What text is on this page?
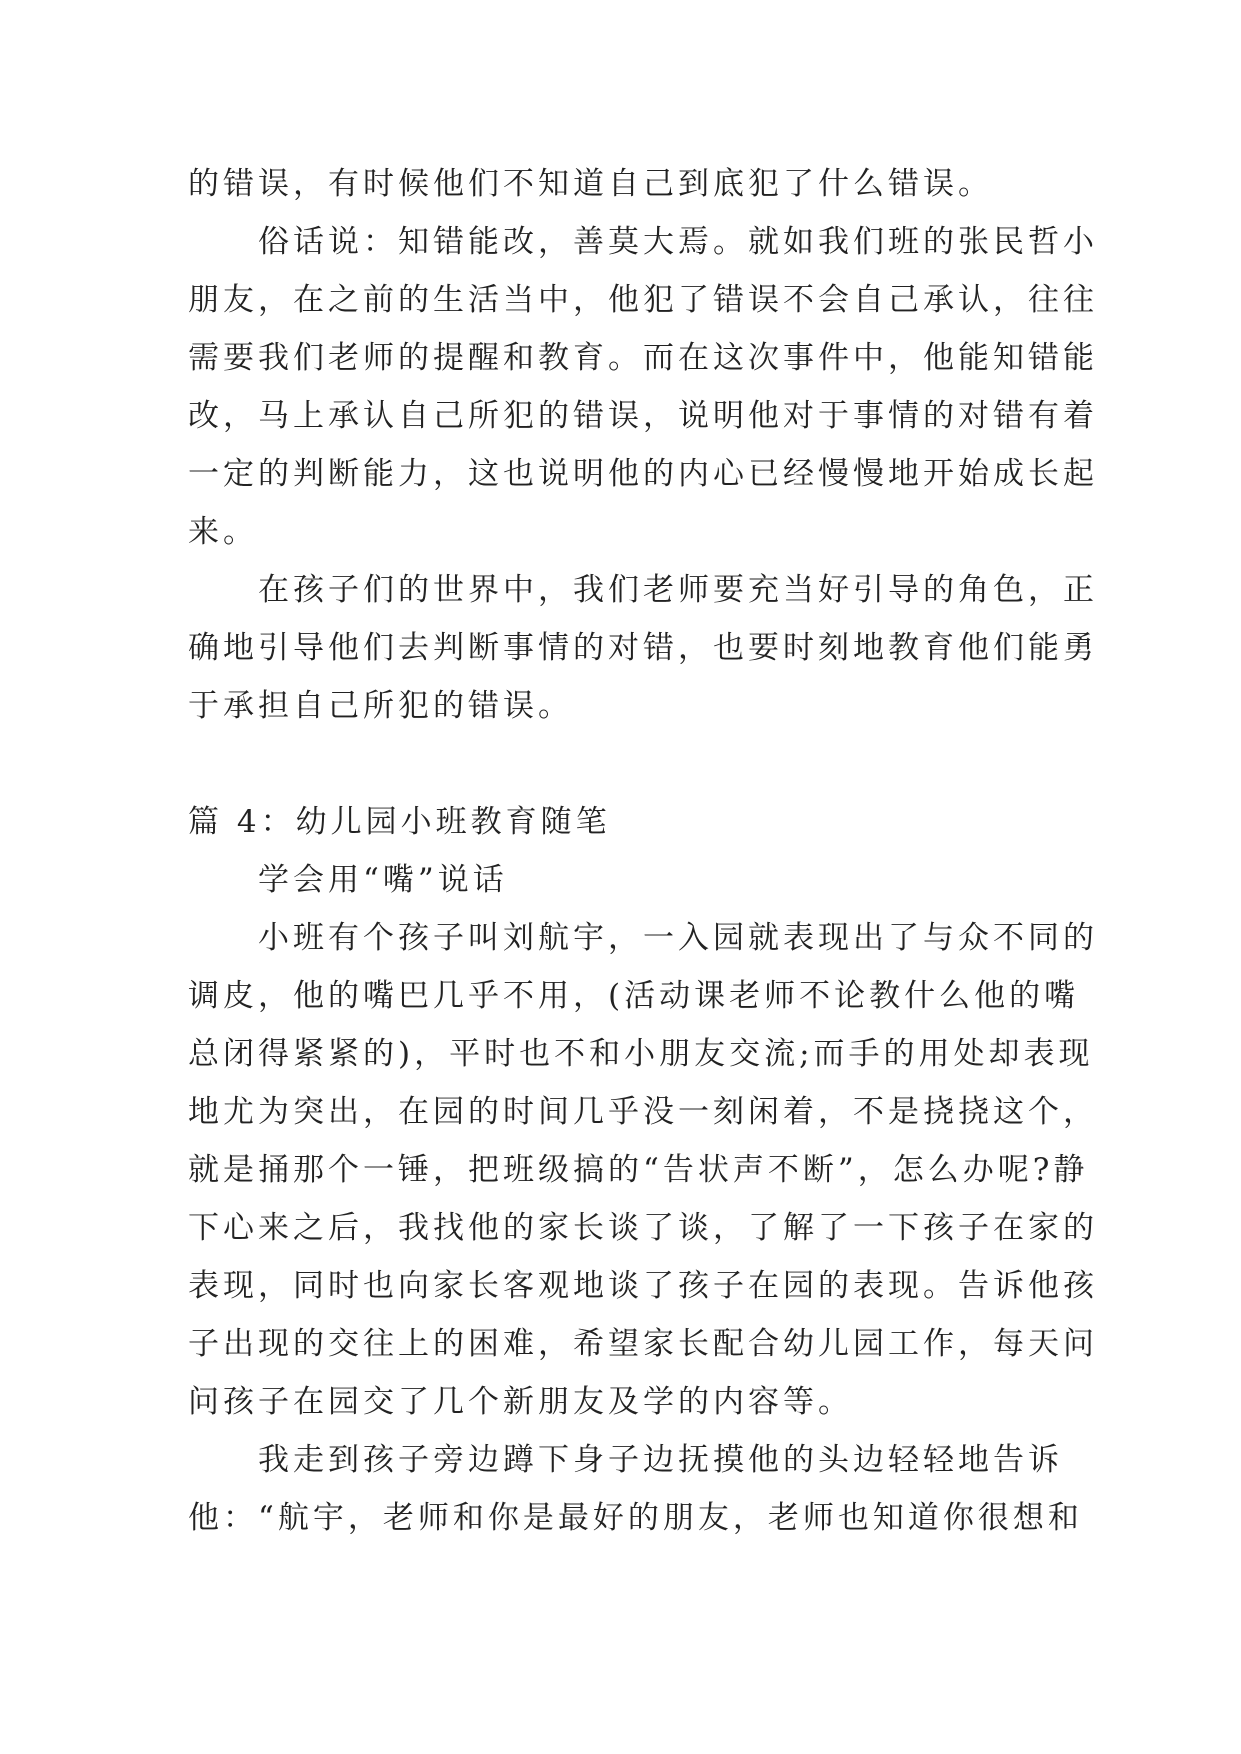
的错误，有时候他们不知道自己到底犯了什么错误。

俗话说：知错能改，善莫大焉。就如我们班的张民哲小

朋友，在之前的生活当中，他犯了错误不会自己承认，往往

需要我们老师的提醒和教育。而在这次事件中，他能知错能

改，马上承认自己所犯的错误，说明他对于事情的对错有着

一定的判断能力，这也说明他的内心已经慢慢地开始成长起

来。

在孩子们的世界中，我们老师要充当好引导的角色，正

确地引导他们去判断事情的对错，也要时刻地教育他们能勇

于承担自己所犯的错误。

篇 4：幼儿园小班教育随笔

学会用“嘴”说话

小班有个孩子叫刘航宇，一入园就表现出了与众不同的

调皮，他的嘴巴几乎不用，(活动课老师不论教什么他的嘴

总闭得紧紧的)，平时也不和小朋友交流;而手的用处却表现

地尤为突出，在园的时间几乎没一刻闲着，不是挠挠这个，

就是捅那个一锤，把班级搞的“告状声不断”，怎么办呢?静

下心来之后，我找他的家长谈了谈，了解了一下孩子在家的

表现，同时也向家长客观地谈了孩子在园的表现。告诉他孩

子出现的交往上的困难，希望家长配合幼儿园工作，每天问

问孩子在园交了几个新朋友及学的内容等。

我走到孩子旁边蹲下身子边抚摸他的头边轻轻地告诉

他：“航宇，老师和你是最好的朋友，老师也知道你很想和
